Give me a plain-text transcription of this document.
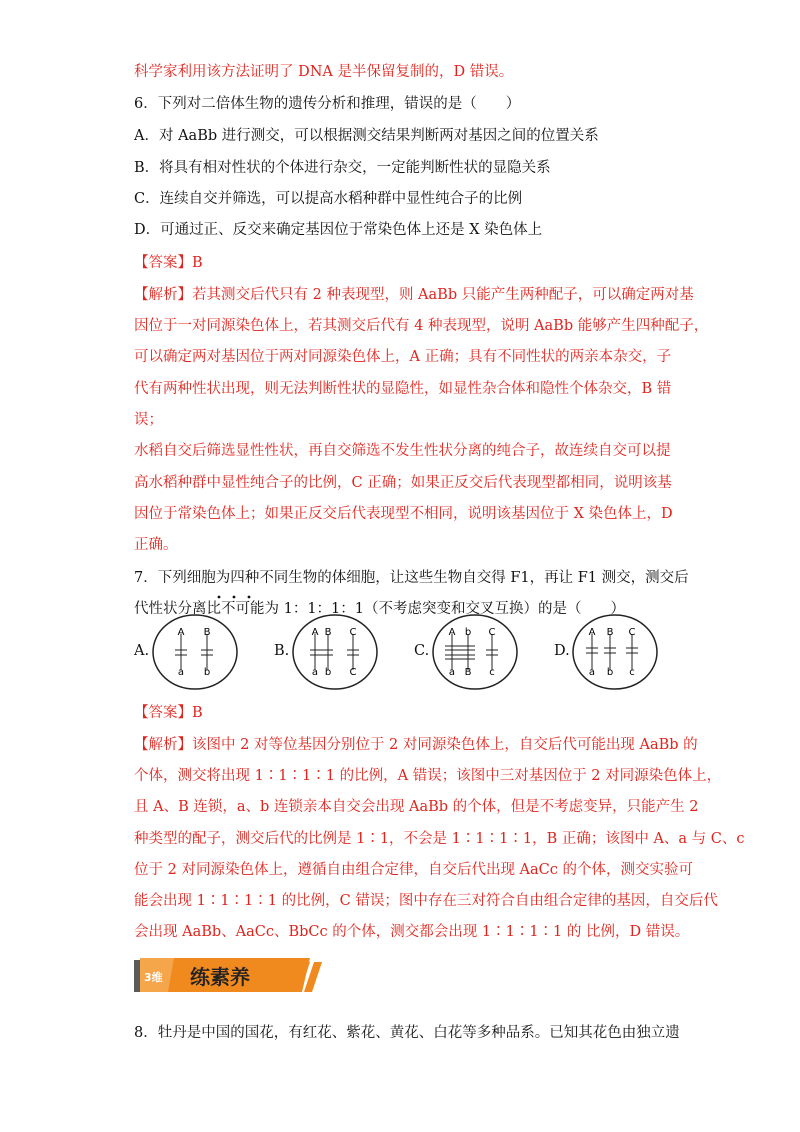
科学家利用该方法证明了 DNA 是半保留复制的，D 错误。
6．下列对二倍体生物的遗传分析和推理，错误的是（　　）
A．对 AaBb 进行测交，可以根据测交结果判断两对基因之间的位置关系
B．将具有相对性状的个体进行杂交，一定能判断性状的显隐关系
C．连续自交并筛选，可以提高水稻种群中显性纯合子的比例
D．可通过正、反交来确定基因位于常染色体上还是 X 染色体上
【答案】B
【解析】若其测交后代只有 2 种表现型，则 AaBb 只能产生两种配子，可以确定两对基
因位于一对同源染色体上，若其测交后代有 4 种表现型，说明 AaBb 能够产生四种配子，
可以确定两对基因位于两对同源染色体上，A 正确；具有不同性状的两亲本杂交，子
代有两种性状出现，则无法判断性状的显隐性，如显性杂合体和隐性个体杂交，B 错
误；
水稻自交后筛选显性性状，再自交筛选不发生性状分离的纯合子，故连续自交可以提
高水稻种群中显性纯合子的比例，C 正确；如果正反交后代表现型都相同，说明该基
因位于常染色体上；如果正反交后代表现型不相同，说明该基因位于 X 染色体上，D
正确。
7．下列细胞为四种不同生物的体细胞，让这些生物自交得 F1，再让 F1 测交，测交后
代性状分离比不可能为 1：1：1：1（不考虑突变和交叉互换）的是（　　）
A.
A B
a b
B.
A B C
a b C
C.
A b C
a B c
D.
A B C
a b c
【答案】B
【解析】该图中 2 对等位基因分别位于 2 对同源染色体上，自交后代可能出现 AaBb 的
个体，测交将出现 1∶1∶1∶1 的比例，A 错误；该图中三对基因位于 2 对同源染色体上，
且 A、B 连锁，a、b 连锁亲本自交会出现 AaBb 的个体，但是不考虑变异，只能产生 2
种类型的配子，测交后代的比例是 1∶1，不会是 1∶1∶1∶1，B 正确；该图中 A、a 与 C、c
位于 2 对同源染色体上，遵循自由组合定律，自交后代出现 AaCc 的个体，测交实验可
能会出现 1∶1∶1∶1 的比例，C 错误；图中存在三对符合自由组合定律的基因，自交后代
会出现 AaBb、AaCc、BbCc 的个体，测交都会出现 1∶1∶1∶1 的 比例，D 错误。
3维 练素养
8．牡丹是中国的国花，有红花、紫花、黄花、白花等多种品系。已知其花色由独立遗
